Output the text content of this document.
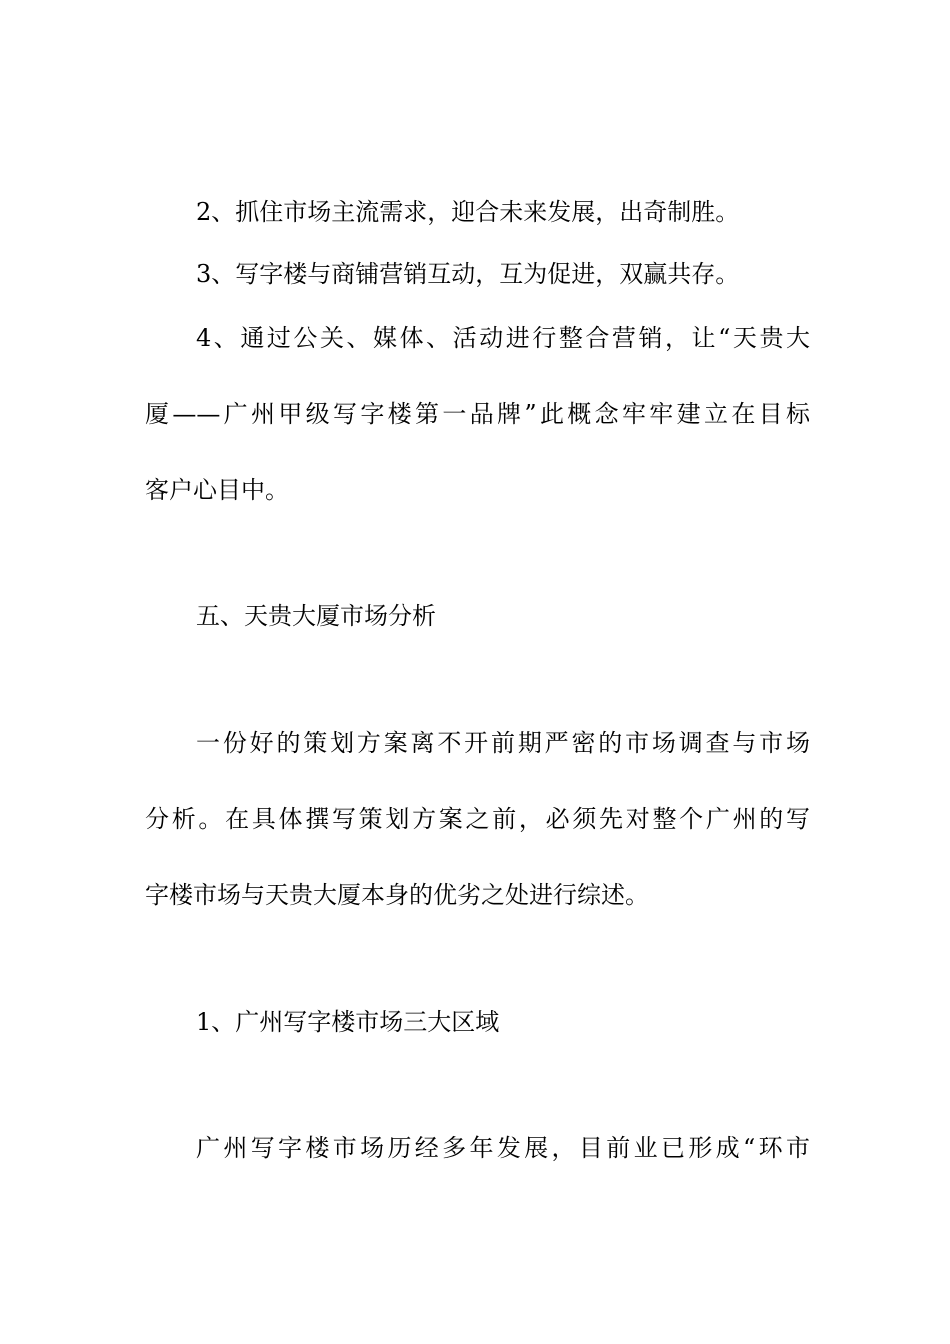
2、抓住市场主流需求，迎合未来发展，出奇制胜。
3、写字楼与商铺营销互动，互为促进，双赢共存。
4、通过公关、媒体、活动进行整合营销，让“天贵大
厦——广州甲级写字楼第一品牌”此概念牢牢建立在目标
客户心目中。
五、天贵大厦市场分析
一份好的策划方案离不开前期严密的市场调查与市场
分析。在具体撰写策划方案之前，必须先对整个广州的写
字楼市场与天贵大厦本身的优劣之处进行综述。
1、广州写字楼市场三大区域
广州写字楼市场历经多年发展，目前业已形成“环市
